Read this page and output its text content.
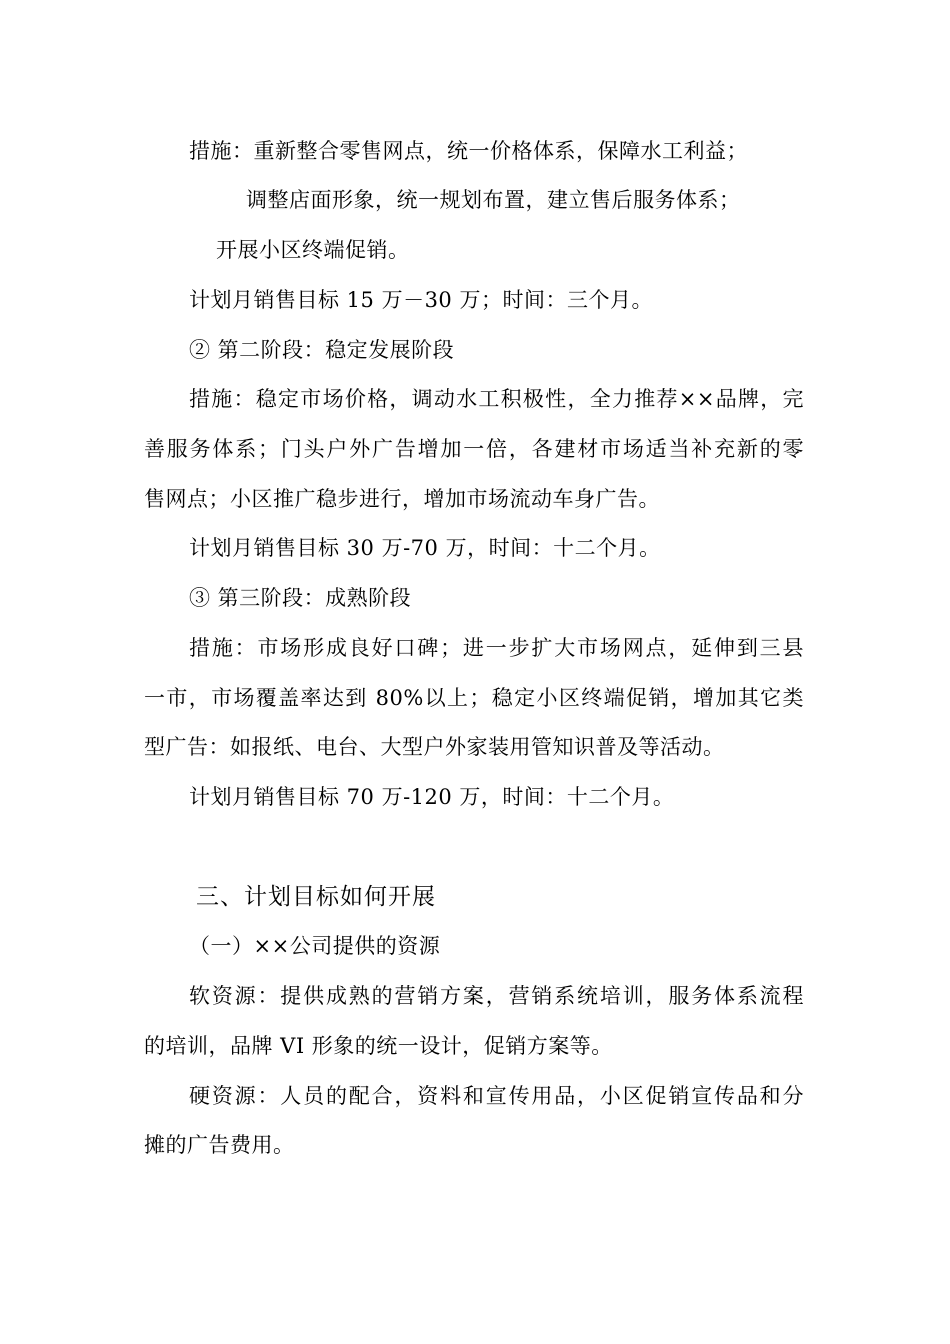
措施：重新整合零售网点，统一价格体系，保障水工利益；
调整店面形象，统一规划布置，建立售后服务体系；
开展小区终端促销。
计划月销售目标 15 万－30 万；时间：三个月。
② 第二阶段：稳定发展阶段
措施：稳定市场价格，调动水工积极性，全力推荐××品牌，完
善服务体系；门头户外广告增加一倍，各建材市场适当补充新的零
售网点；小区推广稳步进行，增加市场流动车身广告。
计划月销售目标 30 万-70 万，时间：十二个月。
③ 第三阶段：成熟阶段
措施：市场形成良好口碑；进一步扩大市场网点，延伸到三县
一市，市场覆盖率达到 80%以上；稳定小区终端促销，增加其它类
型广告：如报纸、电台、大型户外家装用管知识普及等活动。
计划月销售目标 70 万-120 万，时间：十二个月。
三、计划目标如何开展
（一）××公司提供的资源
软资源：提供成熟的营销方案，营销系统培训，服务体系流程
的培训，品牌 VI 形象的统一设计，促销方案等。
硬资源：人员的配合，资料和宣传用品，小区促销宣传品和分
摊的广告费用。
